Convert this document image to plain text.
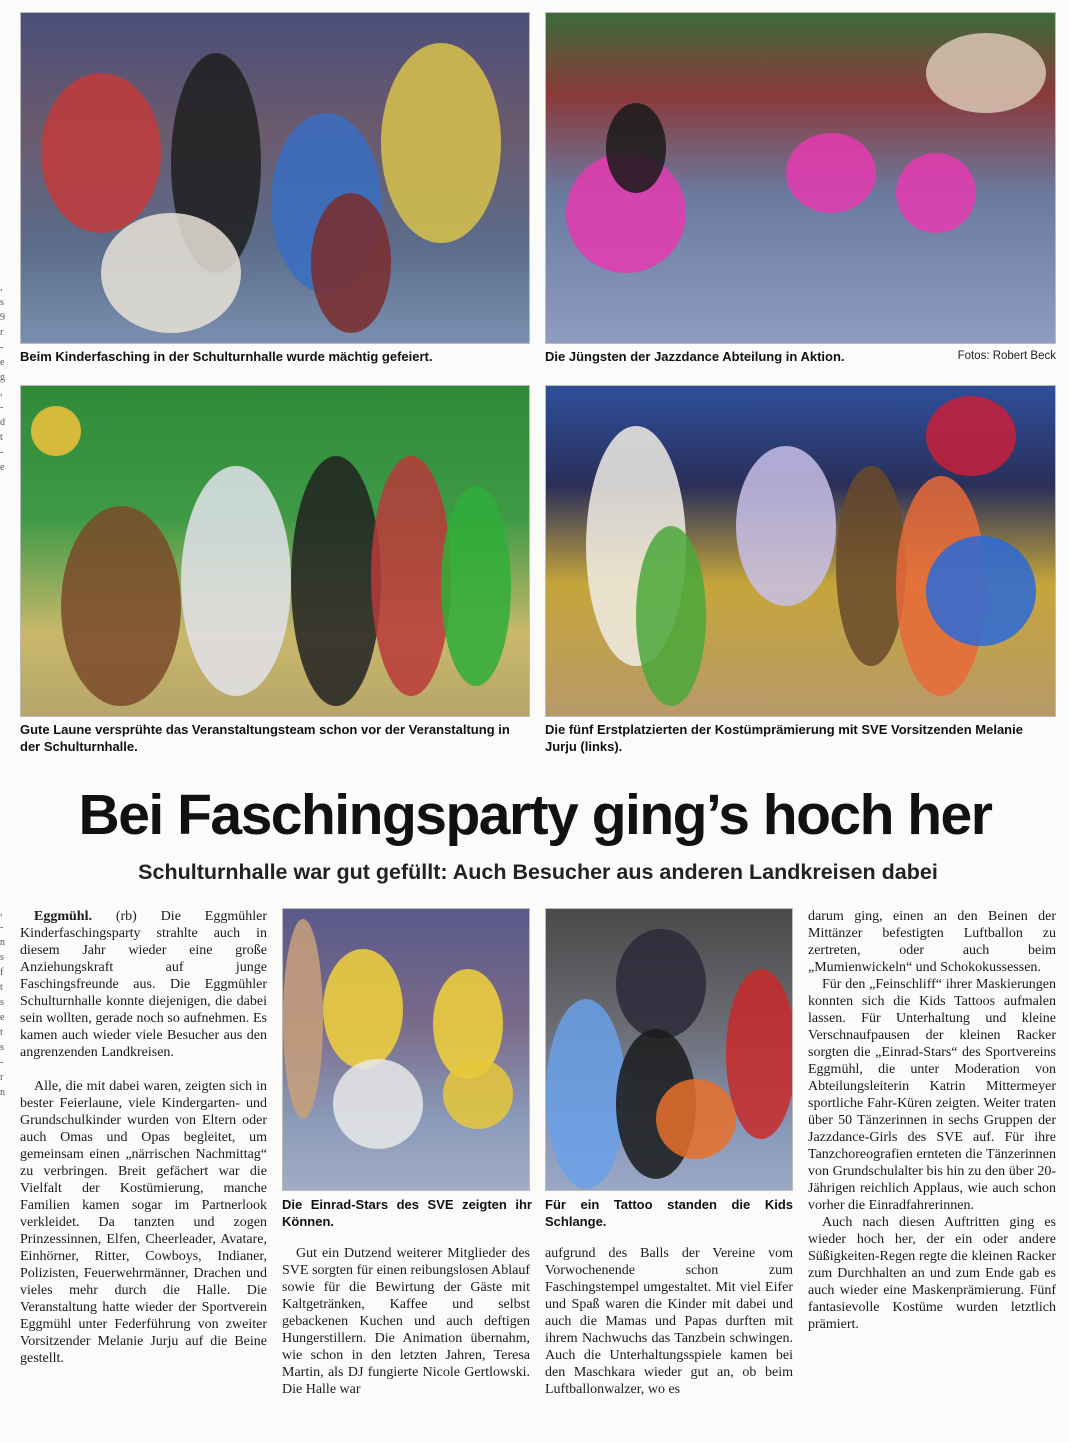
,
s
9
r
-
e
g
,
-
d
t
-
e
,
-
n
s
f
t
s
e
t
s
-
r
n
Beim Kinderfasching in der Schulturnhalle wurde mächtig gefeiert.	Die Jüngsten der Jazzdance Abteilung in Aktion.	Fotos: Robert Beck
Gute Laune versprühte das Veranstaltungsteam schon vor der Veranstaltung in der Schulturnhalle.
Die fünf Erstplatzierten der Kostümprämierung mit SVE Vorsitzenden Melanie Jurju (links).
Bei Faschingsparty ging’s hoch her
Schulturnhalle war gut gefüllt: Auch Besucher aus anderen Landkreisen dabei

Eggmühl. (rb) Die Eggmühler Kinderfaschingsparty strahlte auch in diesem Jahr wieder eine große Anziehungskraft auf junge Faschingsfreunde aus. Die Eggmühler Schulturnhalle konnte diejenigen, die dabei sein wollten, gerade noch so aufnehmen. Es kamen auch wieder viele Besucher aus den angrenzenden Landkreisen.

Alle, die mit dabei waren, zeigten sich in bester Feierlaune, viele Kindergarten- und Grundschulkinder wurden von Eltern oder auch Omas und Opas begleitet, um gemeinsam einen „närrischen Nachmittag“ zu verbringen. Breit gefächert war die Vielfalt der Kostümierung, manche Familien kamen sogar im Partnerlook verkleidet. Da tanzten und zogen Prinzessinnen, Elfen, Cheerleader, Avatare, Einhörner, Ritter, Cowboys, Indianer, Polizisten, Feuerwehrmänner, Drachen und vieles mehr durch die Halle. Die Veranstaltung hatte wieder der Sportverein Eggmühl unter Federführung von zweiter Vorsitzender Melanie Jurju auf die Beine gestellt.

Die Einrad-Stars des SVE zeigten ihr Können.
Für ein Tattoo standen die Kids Schlange.

Gut ein Dutzend weiterer Mitglieder des SVE sorgten für einen reibungslosen Ablauf sowie für die Bewirtung der Gäste mit Kaltgetränken, Kaffee und selbst gebackenen Kuchen und auch deftigen Hungerstillern. Die Animation übernahm, wie schon in den letzten Jahren, Teresa Martin, als DJ fungierte Nicole Gertlowski. Die Halle war

aufgrund des Balls der Vereine vom Vorwochenende schon zum Faschingstempel umgestaltet. Mit viel Eifer und Spaß waren die Kinder mit dabei und auch die Mamas und Papas durften mit ihrem Nachwuchs das Tanzbein schwingen. Auch die Unterhaltungsspiele kamen bei den Maschkara wieder gut an, ob beim Luftballonwalzer, wo es

darum ging, einen an den Beinen der Mittänzer befestigten Luftballon zu zertreten, oder auch beim „Mumienwickeln“ und Schokokussessen.

Für den „Feinschliff“ ihrer Maskierungen konnten sich die Kids Tattoos aufmalen lassen. Für Unterhaltung und kleine Verschnaufpausen der kleinen Racker sorgten die „Einrad-Stars“ des Sportvereins Eggmühl, die unter Moderation von Abteilungsleiterin Katrin Mittermeyer sportliche Fahr-Küren zeigten. Weiter traten über 50 Tänzerinnen in sechs Gruppen der Jazzdance-Girls des SVE auf. Für ihre Tanzchoreografien ernteten die Tänzerinnen von Grundschulalter bis hin zu den über 20-Jährigen reichlich Applaus, wie auch schon vorher die Einradfahrerinnen.

Auch nach diesen Auftritten ging es wieder hoch her, der ein oder andere Süßigkeiten-Regen regte die kleinen Racker zum Durchhalten an und zum Ende gab es auch wieder eine Maskenprämierung. Fünf fantasievolle Kostüme wurden letztlich prämiert.
